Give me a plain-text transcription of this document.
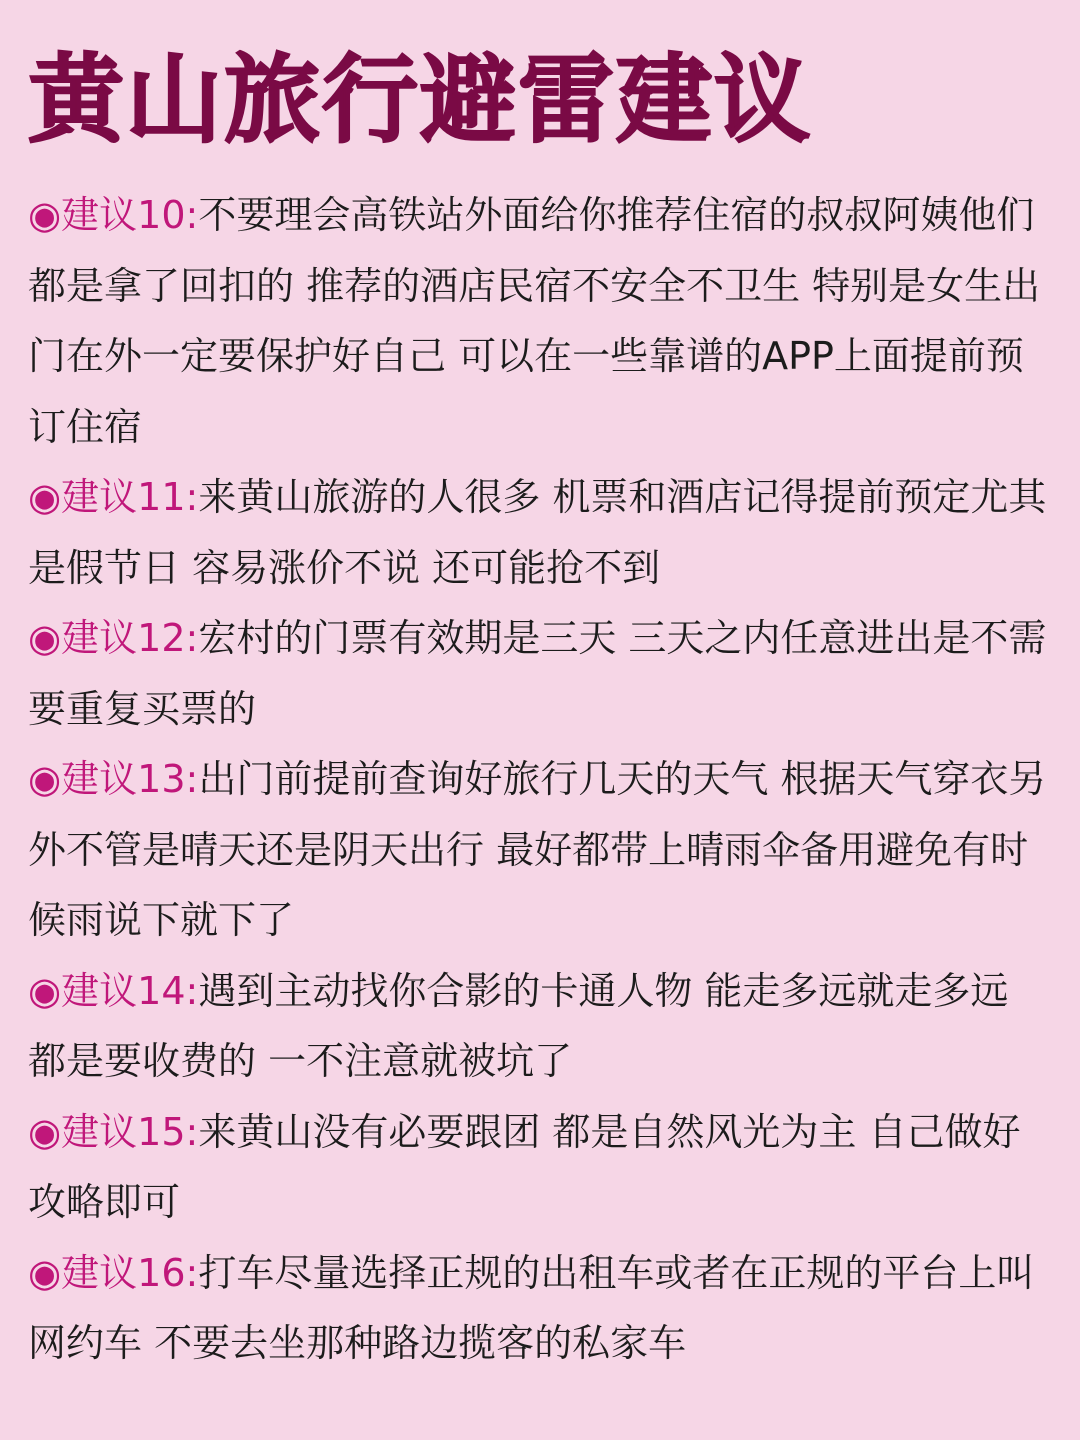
黄山旅行避雷建议

◉建议10:不要理会高铁站外面给你推荐住宿的叔叔阿姨他们都是拿了回扣的 推荐的酒店民宿不安全不卫生 特别是女生出门在外一定要保护好自己 可以在一些靠谱的APP上面提前预订住宿

◉建议11:来黄山旅游的人很多 机票和酒店记得提前预定尤其是假节日 容易涨价不说 还可能抢不到

◉建议12:宏村的门票有效期是三天 三天之内任意进出是不需要重复买票的

◉建议13:出门前提前查询好旅行几天的天气 根据天气穿衣另外不管是晴天还是阴天出行 最好都带上晴雨伞备用避免有时候雨说下就下了

◉建议14:遇到主动找你合影的卡通人物 能走多远就走多远 都是要收费的 一不注意就被坑了

◉建议15:来黄山没有必要跟团 都是自然风光为主 自己做好攻略即可

◉建议16:打车尽量选择正规的出租车或者在正规的平台上叫网约车 不要去坐那种路边揽客的私家车
